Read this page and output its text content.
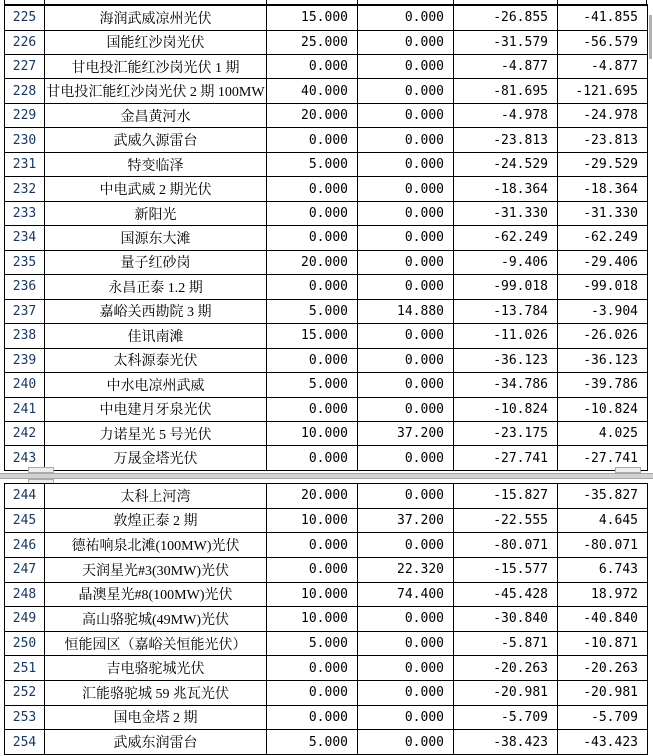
225	海润武威凉州光伏	15.000	0.000	-26.855	-41.855
226	国能红沙岗光伏	25.000	0.000	-31.579	-56.579
227	甘电投汇能红沙岗光伏 1 期	0.000	0.000	-4.877	-4.877
228	甘电投汇能红沙岗光伏 2 期 100MW	40.000	0.000	-81.695	-121.695
229	金昌黄河水	20.000	0.000	-4.978	-24.978
230	武威久源雷台	0.000	0.000	-23.813	-23.813
231	特变临泽	5.000	0.000	-24.529	-29.529
232	中电武威 2 期光伏	0.000	0.000	-18.364	-18.364
233	新阳光	0.000	0.000	-31.330	-31.330
234	国源东大滩	0.000	0.000	-62.249	-62.249
235	量子红砂岗	20.000	0.000	-9.406	-29.406
236	永昌正泰 1.2 期	0.000	0.000	-99.018	-99.018
237	嘉峪关西勘院 3 期	5.000	14.880	-13.784	-3.904
238	佳讯南滩	15.000	0.000	-11.026	-26.026
239	太科源泰光伏	0.000	0.000	-36.123	-36.123
240	中水电凉州武威	5.000	0.000	-34.786	-39.786
241	中电建月牙泉光伏	0.000	0.000	-10.824	-10.824
242	力诺星光 5 号光伏	10.000	37.200	-23.175	4.025
243	万晟金塔光伏	0.000	0.000	-27.741	-27.741
244	太科上河湾	20.000	0.000	-15.827	-35.827
245	敦煌正泰 2 期	10.000	37.200	-22.555	4.645
246	德祐响泉北滩(100MW)光伏	0.000	0.000	-80.071	-80.071
247	天润星光#3(30MW)光伏	0.000	22.320	-15.577	6.743
248	晶澳星光#8(100MW)光伏	10.000	74.400	-45.428	18.972
249	高山骆驼城(49MW)光伏	10.000	0.000	-30.840	-40.840
250	恒能园区（嘉峪关恒能光伏）	5.000	0.000	-5.871	-10.871
251	吉电骆驼城光伏	0.000	0.000	-20.263	-20.263
252	汇能骆驼城 59 兆瓦光伏	0.000	0.000	-20.981	-20.981
253	国电金塔 2 期	0.000	0.000	-5.709	-5.709
254	武威东润雷台	5.000	0.000	-38.423	-43.423
